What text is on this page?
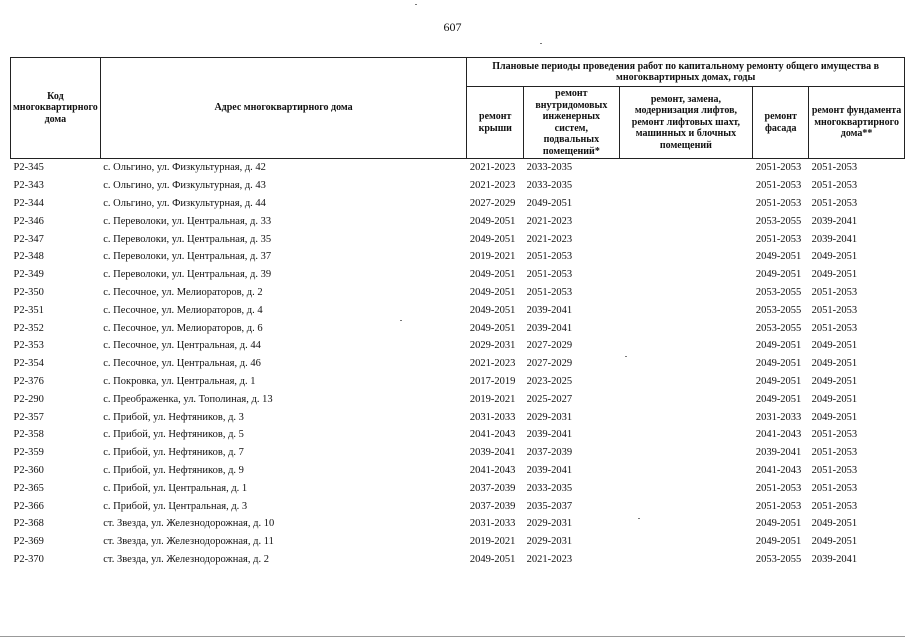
607
Код многоквартирного дома	Адрес многоквартирного дома	Плановые периоды проведения работ по капитальному ремонту общего имущества в многоквартирных домах, годы				
		ремонт крыши	ремонт внутридомовых инженерных систем, подвальных помещений*	ремонт, замена, модернизация лифтов, ремонт лифтовых шахт, машинных и блочных помещений	ремонт фасада	ремонт фундамента многоквартирного дома**
Р2-345	с. Ольгино, ул. Физкультурная, д. 42	2021-2023	2033-2035		2051-2053	2051-2053
Р2-343	с. Ольгино, ул. Физкультурная, д. 43	2021-2023	2033-2035		2051-2053	2051-2053
Р2-344	с. Ольгино, ул. Физкультурная, д. 44	2027-2029	2049-2051		2051-2053	2051-2053
Р2-346	с. Переволоки, ул. Центральная, д. 33	2049-2051	2021-2023		2053-2055	2039-2041
Р2-347	с. Переволоки, ул. Центральная, д. 35	2049-2051	2021-2023		2051-2053	2039-2041
Р2-348	с. Переволоки, ул. Центральная, д. 37	2019-2021	2051-2053		2049-2051	2049-2051
Р2-349	с. Переволоки, ул. Центральная, д. 39	2049-2051	2051-2053		2049-2051	2049-2051
Р2-350	с. Песочное, ул. Мелиораторов, д. 2	2049-2051	2051-2053		2053-2055	2051-2053
Р2-351	с. Песочное, ул. Мелиораторов, д. 4	2049-2051	2039-2041		2053-2055	2051-2053
Р2-352	с. Песочное, ул. Мелиораторов, д. 6	2049-2051	2039-2041		2053-2055	2051-2053
Р2-353	с. Песочное, ул. Центральная, д. 44	2029-2031	2027-2029		2049-2051	2049-2051
Р2-354	с. Песочное, ул. Центральная, д. 46	2021-2023	2027-2029		2049-2051	2049-2051
Р2-376	с. Покровка, ул. Центральная, д. 1	2017-2019	2023-2025		2049-2051	2049-2051
Р2-290	с. Преображенка, ул. Тополиная, д. 13	2019-2021	2025-2027		2049-2051	2049-2051
Р2-357	с. Прибой, ул. Нефтяников, д. 3	2031-2033	2029-2031		2031-2033	2049-2051
Р2-358	с. Прибой, ул. Нефтяников, д. 5	2041-2043	2039-2041		2041-2043	2051-2053
Р2-359	с. Прибой, ул. Нефтяников, д. 7	2039-2041	2037-2039		2039-2041	2051-2053
Р2-360	с. Прибой, ул. Нефтяников, д. 9	2041-2043	2039-2041		2041-2043	2051-2053
Р2-365	с. Прибой, ул. Центральная, д. 1	2037-2039	2033-2035		2051-2053	2051-2053
Р2-366	с. Прибой, ул. Центральная, д. 3	2037-2039	2035-2037		2051-2053	2051-2053
Р2-368	ст. Звезда, ул. Железнодорожная, д. 10	2031-2033	2029-2031		2049-2051	2049-2051
Р2-369	ст. Звезда, ул. Железнодорожная, д. 11	2019-2021	2029-2031		2049-2051	2049-2051
Р2-370	ст. Звезда, ул. Железнодорожная, д. 2	2049-2051	2021-2023		2053-2055	2039-2041
